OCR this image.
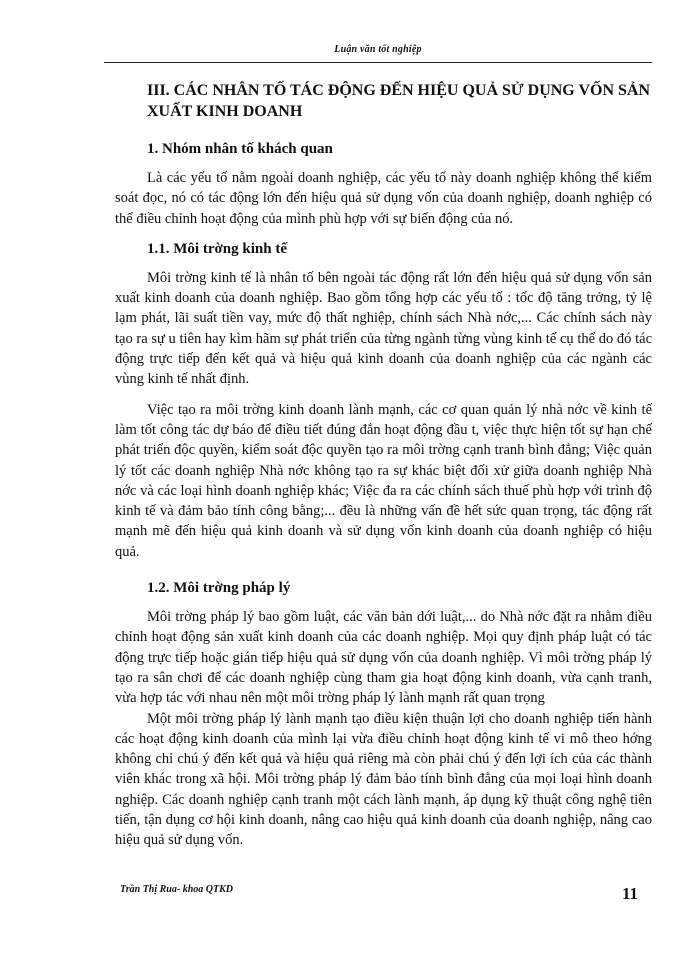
Luận văn tốt nghiệp
III. CÁC NHÂN TỐ TÁC ĐỘNG ĐẾN HIỆU QUẢ SỬ DỤNG VỐN SẢN XUẤT KINH DOANH
1. Nhóm nhân tố khách quan

Là các yếu tố nằm ngoài doanh nghiệp, các yếu tố này doanh nghiệp không thể kiểm soát đọc, nó có tác động lớn đến hiệu quả sử dụng vốn của doanh nghiệp, doanh nghiệp có thể điều chỉnh hoạt động của mình phù hợp với sự biến động của nó.

1.1. Môi trờng kinh tế

Môi trờng kinh tế là nhân tố bên ngoài tác động rất lớn đến hiệu quả sử dụng vốn sản xuất kinh doanh của doanh nghiệp. Bao gồm tổng hợp các yếu tố : tốc độ tăng trởng, tỷ lệ lạm phát, lãi suất tiền vay, mức độ thất nghiệp, chính sách Nhà nớc,... Các chính sách này tạo ra sự u tiên hay kìm hãm sự phát triển của từng ngành từng vùng kinh tế cụ thể do đó tác động trực tiếp đến kết quả và hiệu quả kinh doanh của doanh nghiệp của các ngành các vùng kinh tế nhất định.

Việc tạo ra môi trờng kinh doanh lành mạnh, các cơ quan quản lý nhà nớc về kinh tế làm tốt công tác dự báo để điều tiết đúng đắn hoạt động đầu t, việc thực hiện tốt sự hạn chế phát triển độc quyền, kiểm soát độc quyền tạo ra môi trờng cạnh tranh bình đẳng; Việc quản lý tốt các doanh nghiệp Nhà nớc không tạo ra sự khác biệt đối xử giữa doanh nghiệp Nhà nớc và các loại hình doanh nghiệp khác; Việc đa ra các chính sách thuế phù hợp với trình độ kinh tế và đảm bảo tính công bằng;... đều là những vấn đề hết sức quan trọng, tác động rất mạnh mẽ đến hiệu quả kinh doanh và sử dụng vốn kinh doanh của doanh nghiệp có hiệu quả.

1.2. Môi trờng pháp lý

Môi trờng pháp lý bao gồm luật, các văn bản dới luật,... do Nhà nớc đặt ra nhằm điều chỉnh hoạt động sản xuất kinh doanh của các doanh nghiệp. Mọi quy định pháp luật có tác động trực tiếp hoặc gián tiếp hiệu quả sử dụng vốn của doanh nghiệp. Vì môi trờng pháp lý tạo ra sân chơi để các doanh nghiệp cùng tham gia hoạt động kinh doanh, vừa cạnh tranh, vừa hợp tác với nhau nên một môi trờng pháp lý lành mạnh rất quan trọng

Một môi trờng pháp lý lành mạnh tạo điều kiện thuận lợi cho doanh nghiệp tiến hành các hoạt động kinh doanh của mình lại vừa điều chỉnh hoạt động kinh tế vi mô theo hớng không chỉ chú ý đến kết quả và hiệu quả riêng mà còn phải chú ý đến lợi ích của các thành viên khác trong xã hội. Môi trờng pháp lý đảm bảo tính bình đẳng của mọi loại hình doanh nghiệp. Các doanh nghiệp cạnh tranh một cách lành mạnh, áp dụng kỹ thuật công nghệ tiên tiến, tận dụng cơ hội kinh doanh, nâng cao hiệu quả kinh doanh của doanh nghiệp, nâng cao hiệu quả sử dụng vốn.

Trần Thị Rua- khoa QTKD	11
